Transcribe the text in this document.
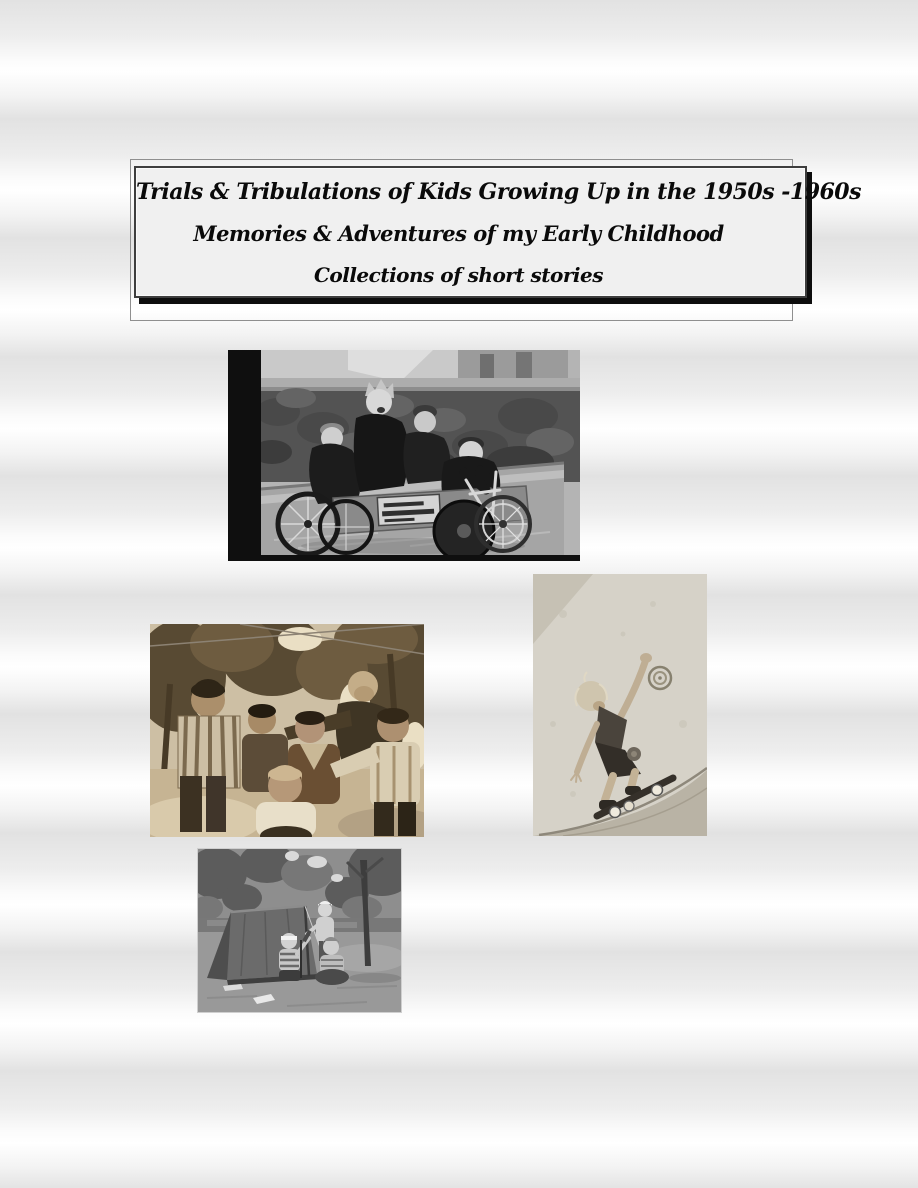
Trials & Tribulations of Kids Growing Up in the 1950s -1960s
Memories & Adventures of my Early Childhood
Collections of short stories
